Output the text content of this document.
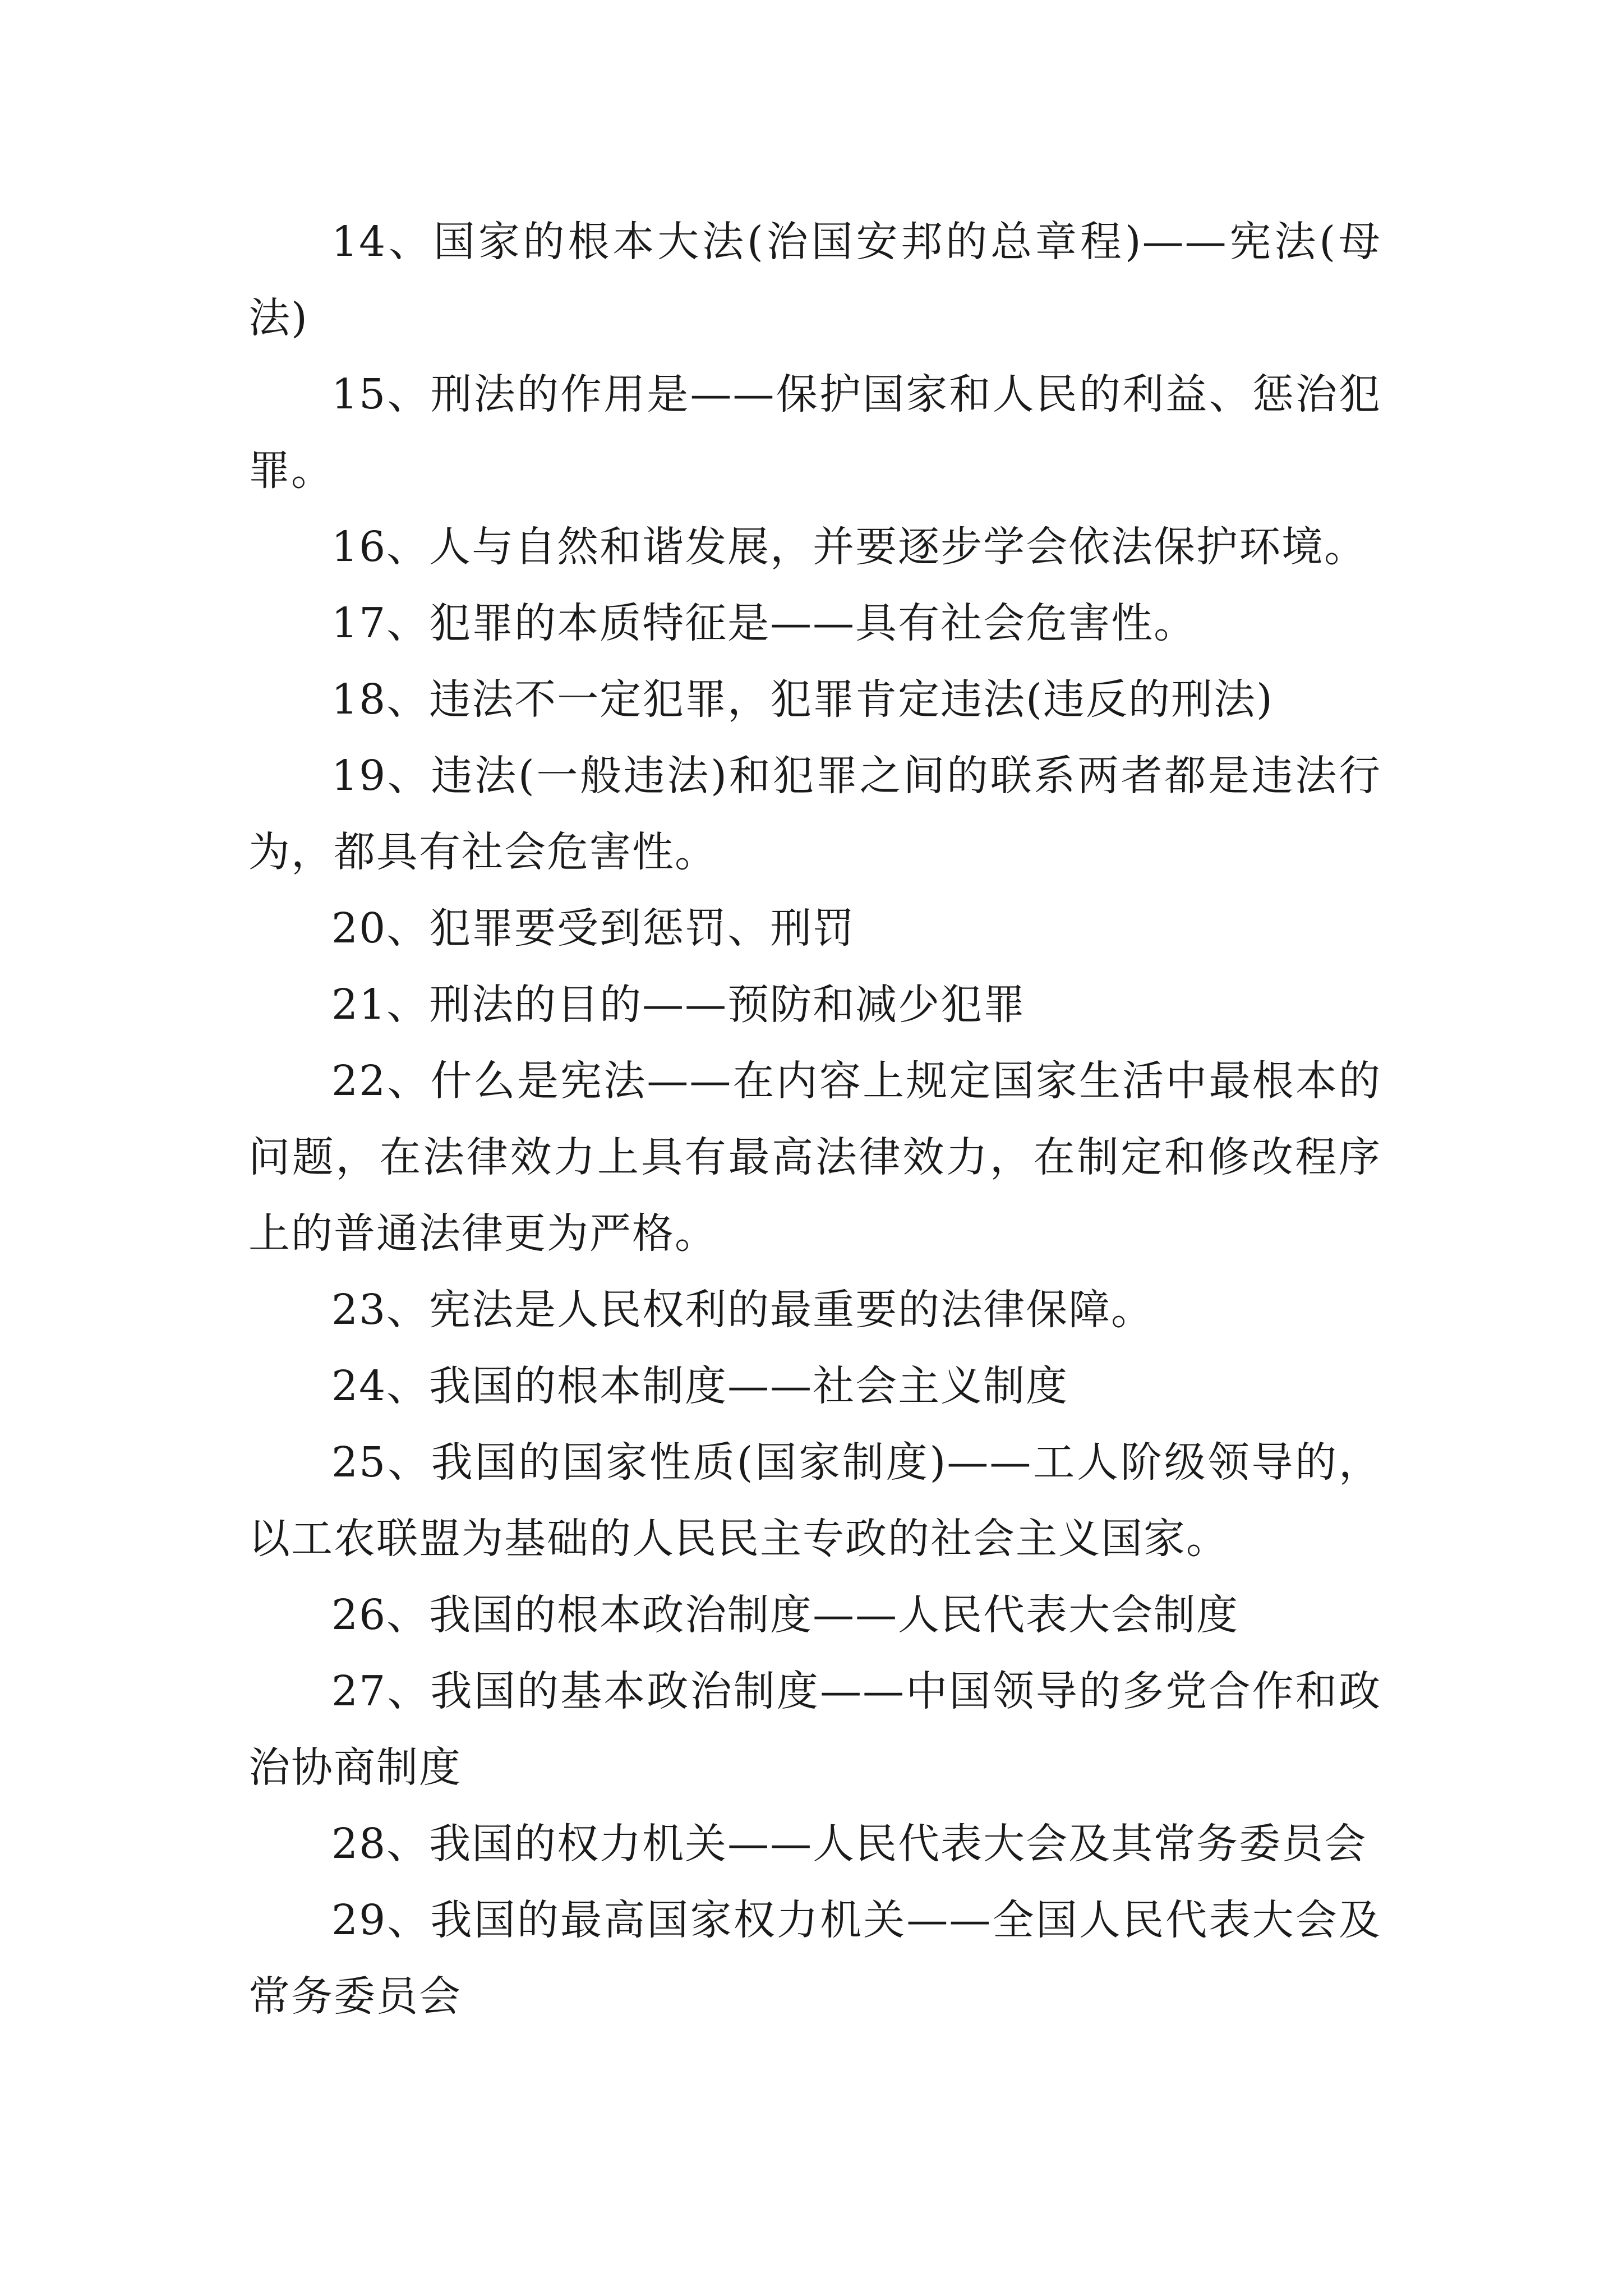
14、国家的根本大法(治国安邦的总章程)——宪法(母法)

15、刑法的作用是——保护国家和人民的利益、惩治犯罪。

16、人与自然和谐发展，并要逐步学会依法保护环境。

17、犯罪的本质特征是——具有社会危害性。

18、违法不一定犯罪，犯罪肯定违法(违反的刑法)

19、违法(一般违法)和犯罪之间的联系两者都是违法行为，都具有社会危害性。

20、犯罪要受到惩罚、刑罚

21、刑法的目的——预防和减少犯罪

22、什么是宪法——在内容上规定国家生活中最根本的问题，在法律效力上具有最高法律效力，在制定和修改程序上的普通法律更为严格。

23、宪法是人民权利的最重要的法律保障。

24、我国的根本制度——社会主义制度

25、我国的国家性质(国家制度)——工人阶级领导的，以工农联盟为基础的人民民主专政的社会主义国家。

26、我国的根本政治制度——人民代表大会制度

27、我国的基本政治制度——中国领导的多党合作和政治协商制度

28、我国的权力机关——人民代表大会及其常务委员会

29、我国的最高国家权力机关——全国人民代表大会及常务委员会
